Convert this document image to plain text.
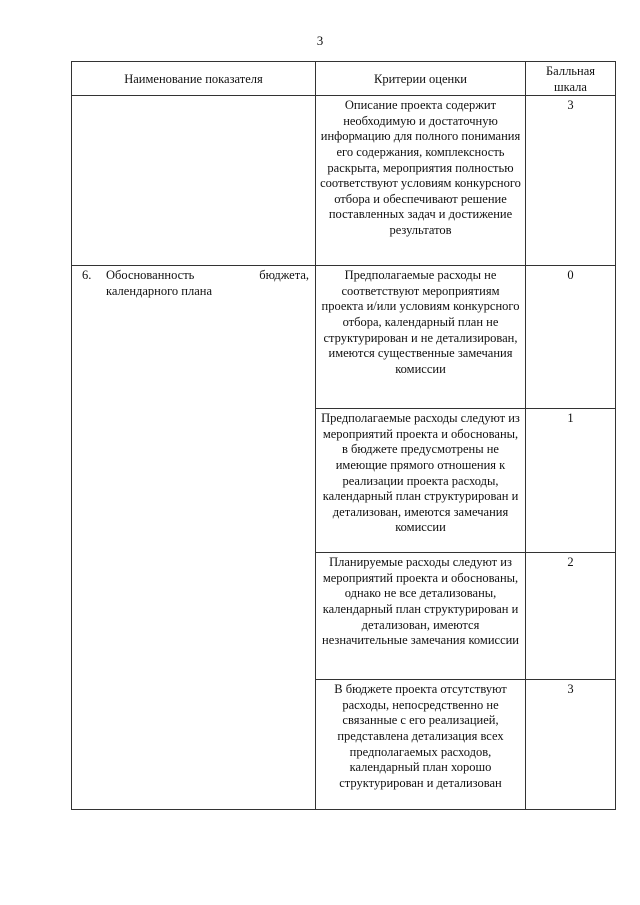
3
Наименование показателя	Критерии оценки	Балльная
шкала
	Описание проекта содержит необходимую и достаточную информацию для полного понимания его содержания, комплексность раскрыта, мероприятия полностью соответствуют условиям конкурсного отбора и обеспечивают решение поставленных задач и достижение результатов	3

6. Обоснованность бюджета,
календарного плана	Предполагаемые расходы не соответствуют мероприятиям проекта и/или условиям конкурсного отбора, календарный план не структурирован и не детализирован, имеются существенные замечания комиссии	0
	Предполагаемые расходы следуют из мероприятий проекта и обоснованы, в бюджете предусмотрены не имеющие прямого отношения к реализации проекта расходы, календарный план структурирован и детализован, имеются замечания комиссии	1
	Планируемые расходы следуют из мероприятий проекта и обоснованы, однако не все детализованы, календарный план структурирован и детализован, имеются незначительные замечания комиссии	2
	В бюджете проекта отсутствуют расходы, непосредственно не связанные с его реализацией, представлена детализация всех предполагаемых расходов, календарный план хорошо структурирован и детализован	3
